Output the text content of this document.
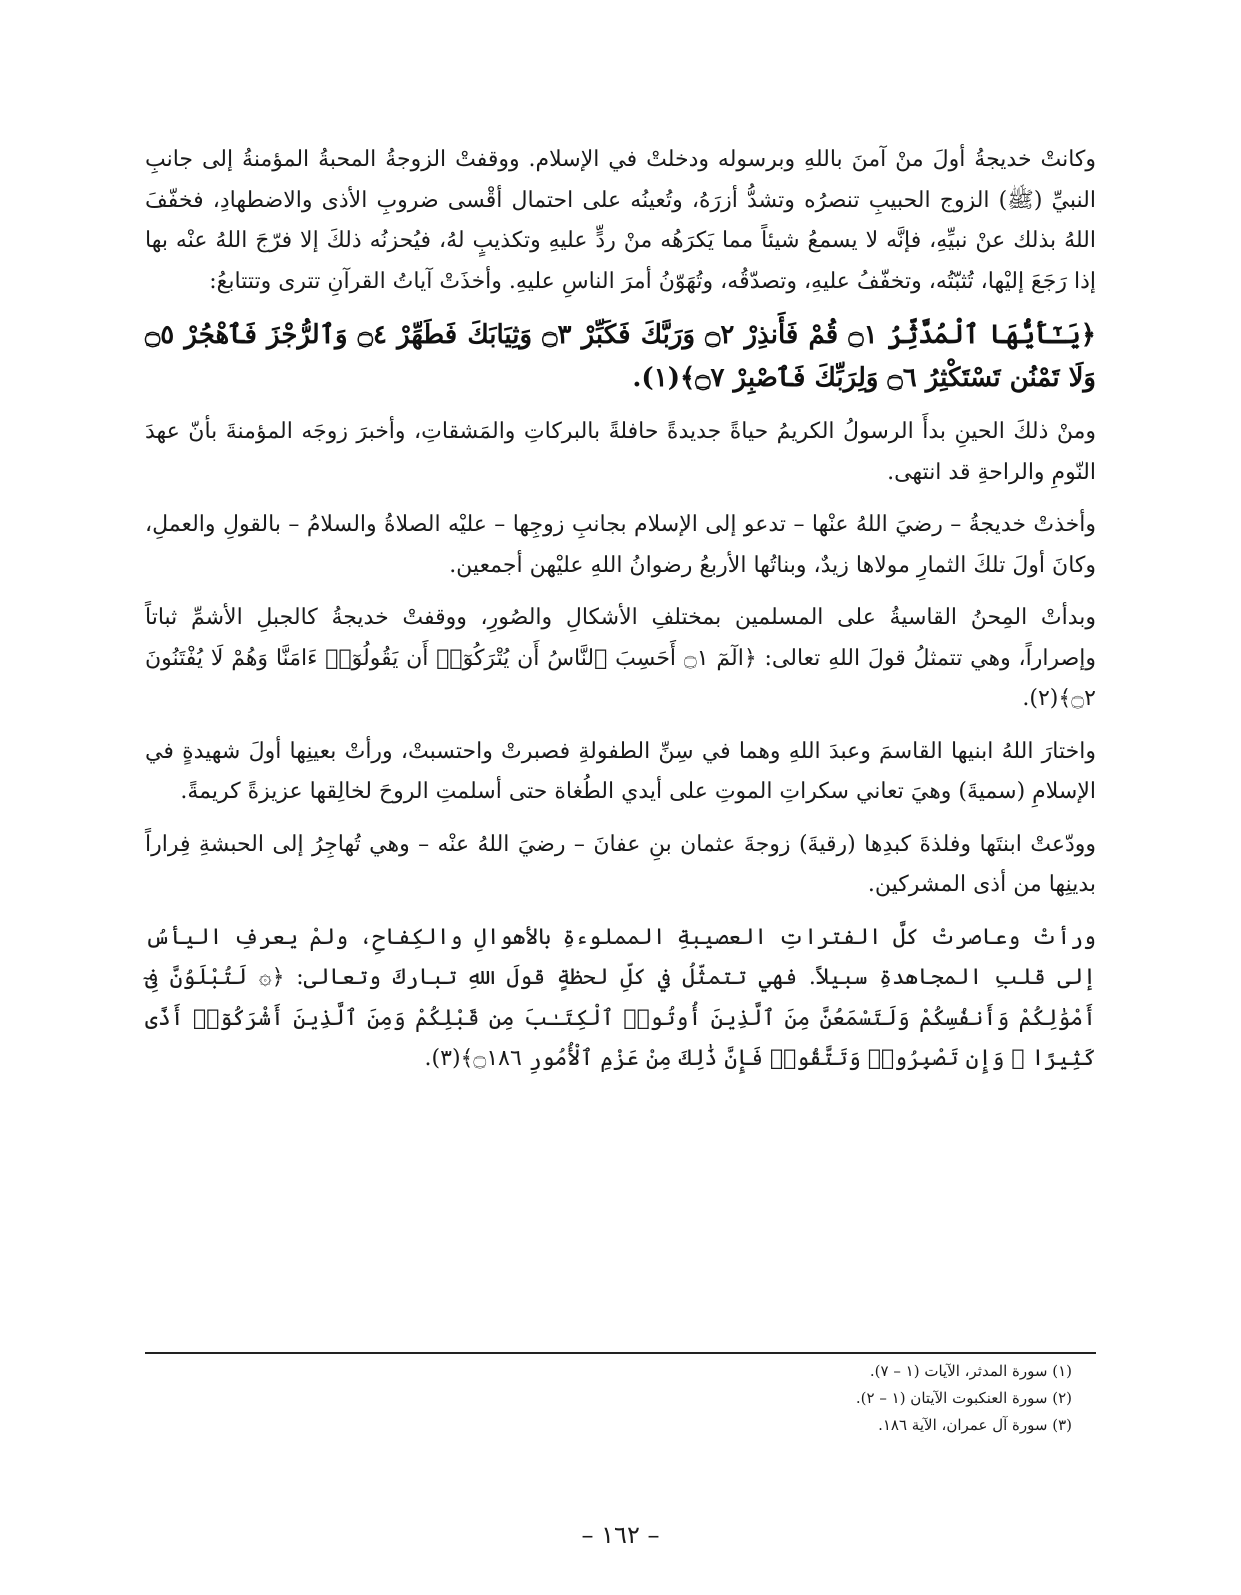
وكانتْ خديجةُ أولَ منْ آمنَ باللهِ وبرسوله ودخلتْ في الإسلام. ووقفتْ الزوجةُ المحبةُ المؤمنةُ إلى جانبِ النبيِّ (ﷺ) الزوج الحبيبِ تنصرُه وتشدُّ أزرَهُ، وتُعينُه على احتمال أقْسى ضروبِ الأذى والاضطهادِ، فخفّفَ اللهُ بذلك عنْ نبيِّهِ، فإنَّه لا يسمعُ شيئاً مما يَكرَهُه منْ ردٍّ عليهِ وتكذيبٍ لهُ، فيُحزنُه ذلكَ إلا فرّجَ اللهُ عنْه بها إذا رَجَعَ إليْها، تُثبّتُه، وتخفّفُ عليهِ، وتصدّقُه، وتُهَوّنُ أمرَ الناسِ عليهِ. وأخذَتْ آياتُ القرآنِ تترى وتتتابعُ:

﴿يَـٰٓأَيُّهَا ٱلْمُدَّثِّرُ ۝١ قُمْ فَأَنذِرْ ۝٢ وَرَبَّكَ فَكَبِّرْ ۝٣ وَثِيَابَكَ فَطَهِّرْ ۝٤ وَٱلرُّجْزَ فَٱهْجُرْ ۝٥ وَلَا تَمْنُن تَسْتَكْثِرُ ۝٦ وَلِرَبِّكَ فَٱصْبِرْ ۝٧﴾(١).

ومنْ ذلكَ الحينِ بدأَ الرسولُ الكريمُ حياةً جديدةً حافلةً بالبركاتِ والمَشقاتِ، وأخبرَ زوجَه المؤمنةَ بأنّ عهدَ النّومِ والراحةِ قد انتهى.

وأخذتْ خديجةُ – رضيَ اللهُ عنْها – تدعو إلى الإسلام بجانبِ زوجِها – عليْه الصلاةُ والسلامُ – بالقولِ والعملِ، وكانَ أولَ تلكَ الثمارِ مولاها زيدٌ، وبناتُها الأربعُ رضوانُ اللهِ عليْهن أجمعين.

وبدأتْ المِحنُ القاسيةُ على المسلمين بمختلفِ الأشكالِ والصُورِ، ووقفتْ خديجةُ كالجبلِ الأشمِّ ثباتاً وإصراراً، وهي تتمثلُ قولَ اللهِ تعالى: ﴿الٓمٓ ۝١ أَحَسِبَ ٱلنَّاسُ أَن يُتْرَكُوٓا۟ أَن يَقُولُوٓا۟ ءَامَنَّا وَهُمْ لَا يُفْتَنُونَ ۝٢﴾(٢).

واختارَ اللهُ ابنيها القاسمَ وعبدَ اللهِ وهما في سِنِّ الطفولةِ فصبرتْ واحتسبتْ، ورأتْ بعينِها أولَ شهيدةٍ في الإسلامِ (سميةَ) وهيَ تعاني سكراتِ الموتِ على أيدي الطُغاة حتى أسلمتِ الروحَ لخالِقها عزيزةً كريمةً.

وودّعتْ ابنتَها وفلذةَ كبدِها (رقيةَ) زوجةَ عثمان بنِ عفانَ – رضيَ اللهُ عنْه – وهي تُهاجِرُ إلى الحبشةِ فِراراً بدينِها من أذى المشركين.

ورأتْ وعاصرتْ كلَّ الفتراتِ العصيبةِ المملوءةِ بالأهوالِ والكِفاحِ، ولمْ يعرفِ اليأسُ إلى قلبِ المجاهدةِ سبيلاً. فهي تتمثّلُ في كلِّ لحظةٍ قولَ اللهِ تباركَ وتعالى: ﴿۞ لَتُبْلَوُنَّ فِىٓ أَمْوَٰلِكُمْ وَأَنفُسِكُمْ وَلَتَسْمَعُنَّ مِنَ ٱلَّذِينَ أُوتُوا۟ ٱلْكِتَـٰبَ مِن قَبْلِكُمْ وَمِنَ ٱلَّذِينَ أَشْرَكُوٓا۟ أَذًى كَثِيرًا ۚ وَإِن تَصْبِرُوا۟ وَتَتَّقُوا۟ فَإِنَّ ذَٰلِكَ مِنْ عَزْمِ ٱلْأُمُورِ ۝١٨٦﴾(٣).

(١) سورة المدثر، الآيات (١ – ٧).
(٢) سورة العنكبوت الآيتان (١ – ٢).
(٣) سورة آل عمران، الآية ١٨٦.
– ١٦٢ –
